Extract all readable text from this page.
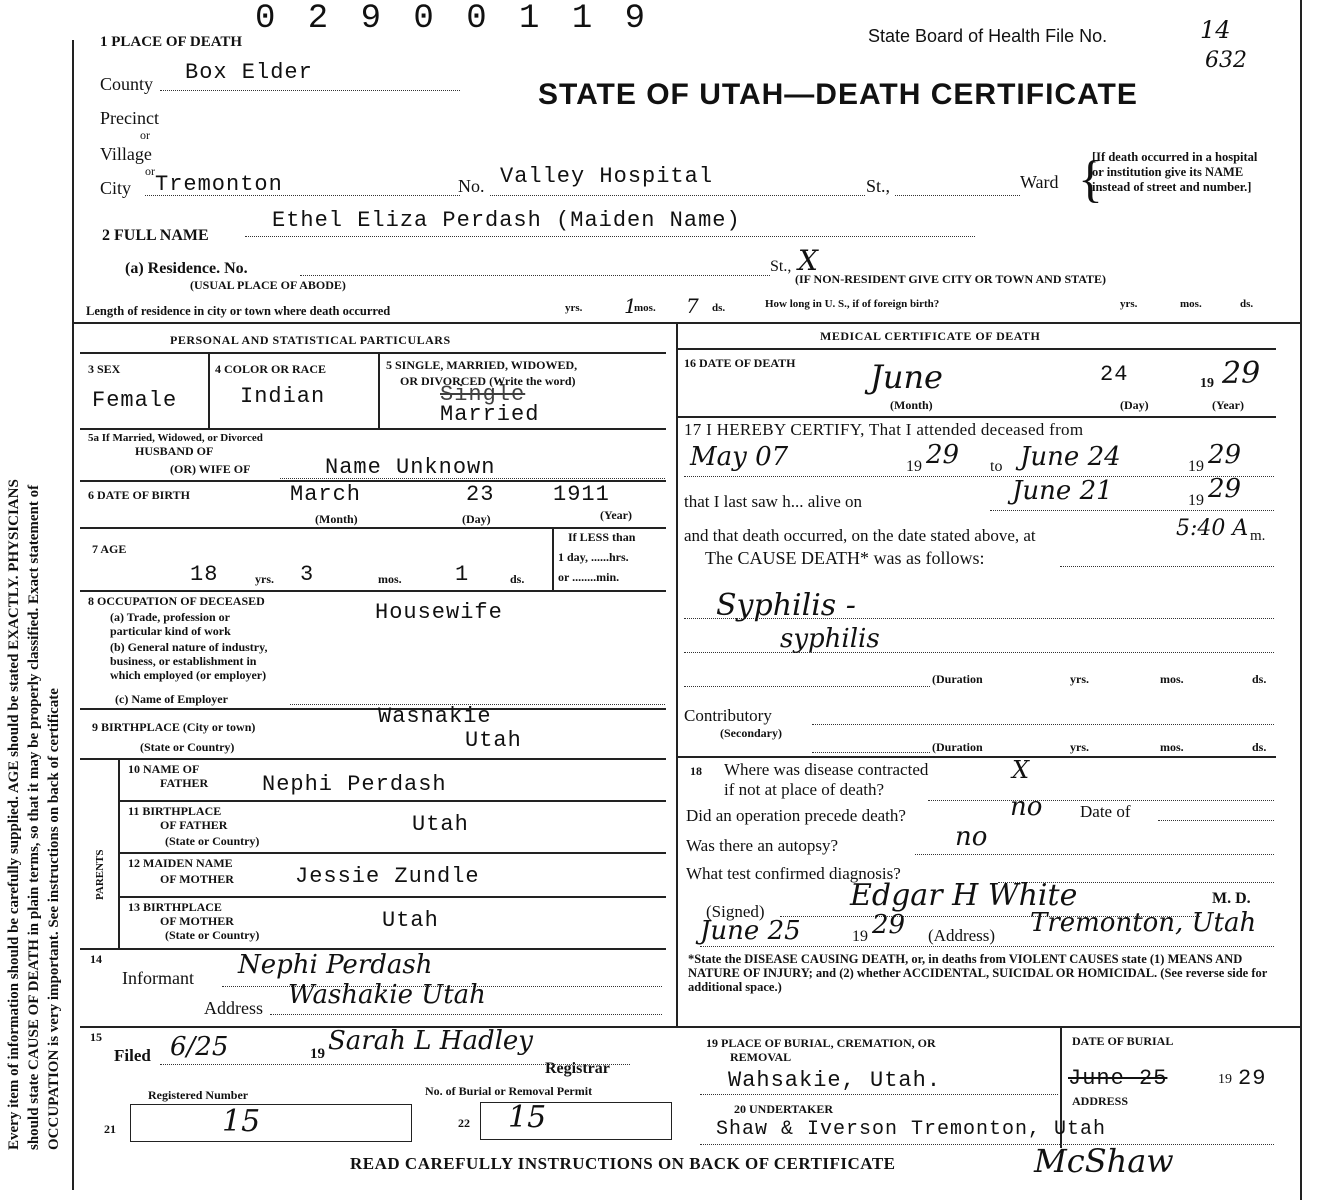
Every item of information should be carefully supplied. AGE should be stated EXACTLY. PHYSICIANS should state CAUSE OF DEATH in plain terms, so that it may be properly classified. Exact statement of OCCUPATION is very important. See instructions on back of certificate
0 2 9 0 0 1 1 9
1 PLACE OF DEATH	State Board of Health File No.	14
632
STATE OF UTAH—DEATH CERTIFICATE
County Box Elder
Precinct
or
Village
or
City Tremonton	No. Valley Hospital	St.,	Ward {
[If death occurred in a hospital or institution give its NAME instead of street and number.]
2 FULL NAME
Ethel Eliza Perdash (Maiden Name)
(a) Residence. No.
(USUAL PLACE OF ABODE)
St., X
(IF NON-RESIDENT GIVE CITY OR TOWN AND STATE)
Length of residence in city or town where death occurred	yrs. 1
mos. 7 ds.	How long in U. S., if of foreign birth?	yrs.	mos.	ds.
PERSONAL AND STATISTICAL PARTICULARS
3 SEX
Female
4 COLOR OR RACE
Indian
5 SINGLE, MARRIED, WIDOWED,
OR DIVORCED (Write the word)
Single
Married
5a If Married, Widowed, or Divorced
HUSBAND OF
(OR) WIFE OF	Name Unknown
6 DATE OF BIRTH	March	23	1911
(Month)	(Day)	(Year)
7 AGE
18	yrs. 3	mos. 1	ds.
If LESS than
1 day, ......hrs.
or ........min.
8 OCCUPATION OF DECEASED
(a) Trade, profession or
particular kind of work
(b) General nature of industry,
business, or establishment in
which employed (or employer)
Housewife
(c) Name of Employer
9 BIRTHPLACE (City or town)
(State or Country)
Wasnakie
Utah
PARENTS
10 NAME OF
FATHER Nephi Perdash
11 BIRTHPLACE
OF FATHER
(State or Country)
Utah
12 MAIDEN NAME
OF MOTHER	Jessie Zundle
13 BIRTHPLACE
OF MOTHER
(State or Country)
Utah
14
Informant Nephi Perdash
Address Washakie Utah
15
Filed 6/25	19 Sarah L Hadley
Registrar
Registered Number
21	15
No. of Burial or Removal Permit
22 15
MEDICAL CERTIFICATE OF DEATH
16 DATE OF DEATH June	24	19 29
(Month)	(Day)	(Year)
17 I HEREBY CERTIFY, That I attended deceased from
May 07	19 29 to June 24	19 29
that I last saw h... alive on	June 21	19 29
and that death occurred, on the date stated above, at	5:40 A m.
The CAUSE DEATH* was as follows:
Syphilis -
syphilis
(Duration	yrs.	mos.	ds.
Contributory
(Secondary)
(Duration	yrs.	mos.	ds.
18 Where was disease contracted
if not at place of death?
X
Did an operation precede death?	no Date of
Was there an autopsy?	no
What test confirmed diagnosis?
(Signed)	Edgar H White	M. D.
June 25	19 29 (Address) Tremonton, Utah
*State the DISEASE CAUSING DEATH, or, in deaths from VIOLENT CAUSES state (1) MEANS AND NATURE OF INJURY; and (2) whether ACCIDENTAL, SUICIDAL OR HOMICIDAL. (See reverse side for additional space.)
19 PLACE OF BURIAL, CREMATION, OR
REMOVAL
Wahsakie, Utah.
DATE OF BURIAL
June 25	19 29
ADDRESS
20 UNDERTAKER
Shaw & Iverson Tremonton, Utah
McShaw
READ CAREFULLY INSTRUCTIONS ON BACK OF CERTIFICATE
